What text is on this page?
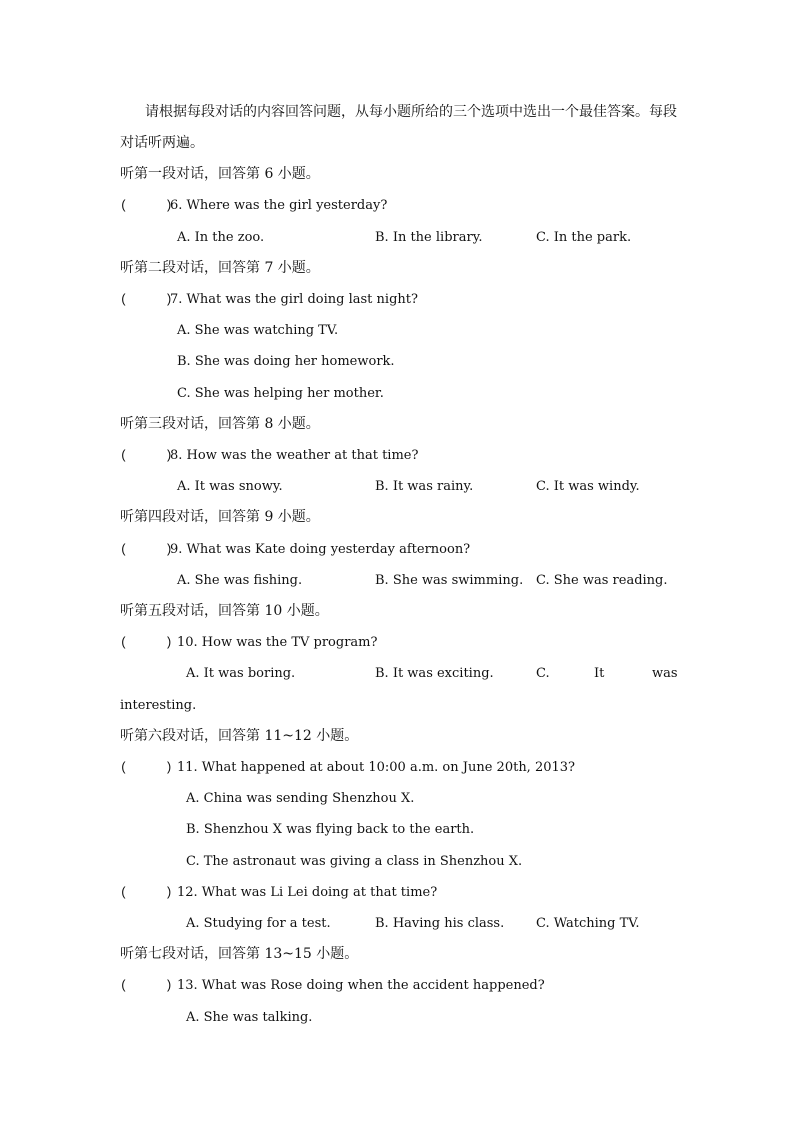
请根据每段对话的内容回答问题，从每小题所给的三个选项中选出一个最佳答案。每段
对话听两遍。
听第一段对话，回答第 6 小题。
(     )
6. Where was the girl yesterday?
A. In the zoo.	B. In the library.	C. In the park.
听第二段对话，回答第 7 小题。
(     )
7. What was the girl doing last night?
A. She was watching TV.
B. She was doing her homework.
C. She was helping her mother.
听第三段对话，回答第 8 小题。
(     )
8. How was the weather at that time?
A. It was snowy.	B. It was rainy.	C. It was windy.
听第四段对话，回答第 9 小题。
(     )
9. What was Kate doing yesterday afternoon?
A. She was fishing.	B. She was swimming. C. She was reading.
听第五段对话，回答第 10 小题。
(     ) 10. How was the TV program?
A. It was boring.	B. It was exciting.	C.	It	was
interesting.
听第六段对话，回答第 11~12 小题。
(     ) 11. What happened at about 10:00 a.m. on June 20th, 2013?
A. China was sending Shenzhou X.
B. Shenzhou X was flying back to the earth.
C. The astronaut was giving a class in Shenzhou X.
(     ) 12. What was Li Lei doing at that time?
A. Studying for a test.	B. Having his class. C. Watching TV.
听第七段对话，回答第 13~15 小题。
(     ) 13. What was Rose doing when the accident happened?
A. She was talking.
